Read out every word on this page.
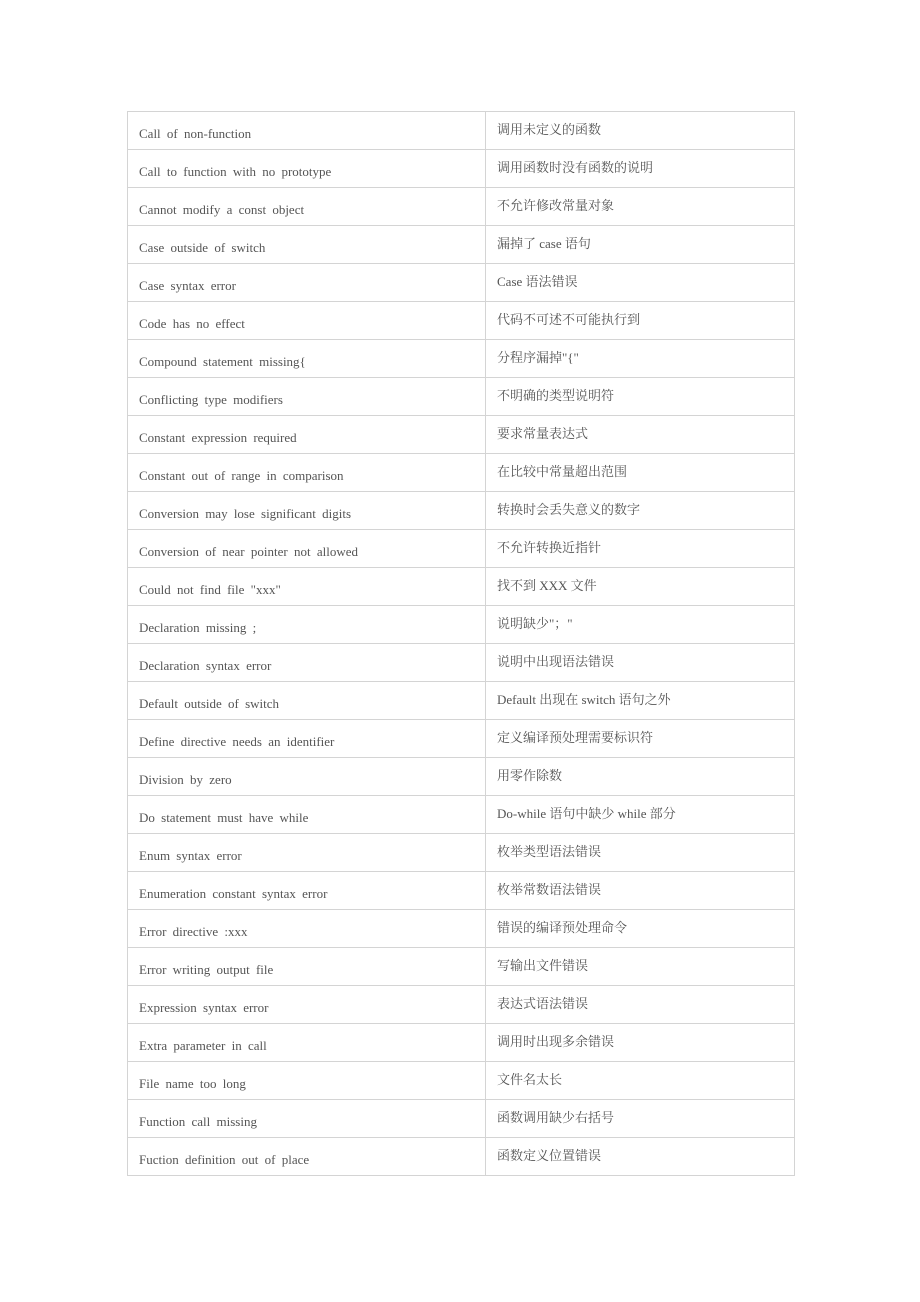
Call of non-function	调用未定义的函数
Call to function with no prototype	调用函数时没有函数的说明
Cannot modify a const object	不允许修改常量对象
Case outside of switch	漏掉了 case 语句
Case syntax error	Case 语法错误
Code has no effect	代码不可述不可能执行到
Compound statement missing{	分程序漏掉"{"
Conflicting type modifiers	不明确的类型说明符
Constant expression required	要求常量表达式
Constant out of range in comparison	在比较中常量超出范围
Conversion may lose significant digits	转换时会丢失意义的数字
Conversion of near pointer not allowed	不允许转换近指针
Could not find file "xxx"	找不到 XXX 文件
Declaration missing ;	说明缺少"；"
Declaration syntax error	说明中出现语法错误
Default outside of switch	Default 出现在 switch 语句之外
Define directive needs an identifier	定义编译预处理需要标识符
Division by zero	用零作除数
Do statement must have while	Do-while 语句中缺少 while 部分
Enum syntax error	枚举类型语法错误
Enumeration constant syntax error	枚举常数语法错误
Error directive :xxx	错误的编译预处理命令
Error writing output file	写输出文件错误
Expression syntax error	表达式语法错误
Extra parameter in call	调用时出现多余错误
File name too long	文件名太长
Function call missing	函数调用缺少右括号
Fuction definition out of place	函数定义位置错误
